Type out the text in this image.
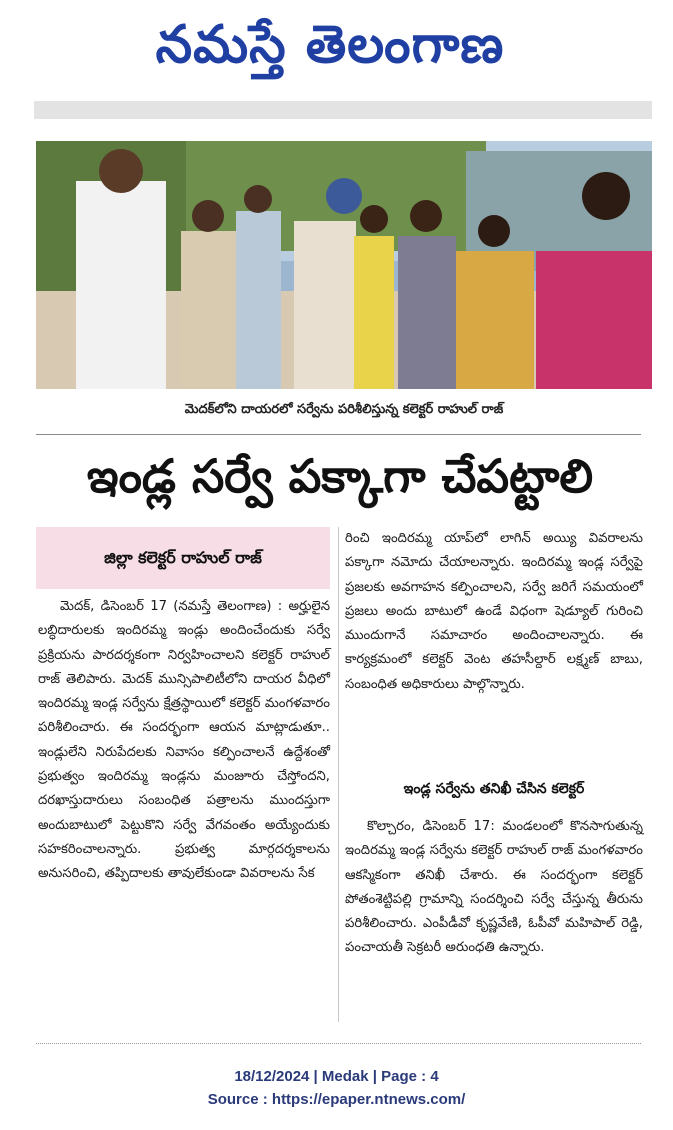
నమస్తే తెలంగాణ
మెదక్‌లోని దాయరలో సర్వేను పరిశీలిస్తున్న కలెక్టర్‌ రాహుల్‌ రాజ్‌
ఇండ్ల సర్వే పక్కాగా చేపట్టాలి
జిల్లా కలెక్టర్‌ రాహుల్‌ రాజ్‌

మెదక్‌, డిసెంబర్‌ 17 (నమస్తే తెలంగాణ) : అర్హులైన లబ్ధిదారులకు ఇందిరమ్మ ఇండ్లు అందించేందుకు సర్వే ప్రక్రియను పారదర్శకంగా నిర్వహించాలని కలెక్టర్‌ రాహుల్‌ రాజ్‌ తెలిపారు. మెదక్‌ మున్సిపాలిటీలోని దాయర వీధిలో ఇందిరమ్మ ఇండ్ల సర్వేను క్షేత్రస్థాయిలో కలెక్టర్‌ మంగళవారం పరిశీలించారు. ఈ సందర్భంగా ఆయన మాట్లాడుతూ.. ఇండ్లులేని నిరుపేదలకు నివాసం కల్పించాలనే ఉద్దేశంతో ప్రభుత్వం ఇందిరమ్మ ఇండ్లను మంజూరు చేస్తోందని, దరఖాస్తుదారులు సంబంధిత పత్రాలను ముందస్తుగా అందుబాటులో పెట్టుకొని సర్వే వేగవంతం అయ్యేందుకు సహకరించాలన్నారు. ప్రభుత్వ మార్గదర్శకాలను అనుసరించి, తప్పిదాలకు తావులేకుండా వివరాలను సేక

రించి ఇందిరమ్మ యాప్‌లో లాగిన్‌ అయ్యి వివరాలను పక్కాగా నమోదు చేయాలన్నారు. ఇందిరమ్మ ఇండ్ల సర్వేపై ప్రజలకు అవగాహన కల్పించాలని, సర్వే జరిగే సమయంలో ప్రజలు అందు బాటులో ఉండే విధంగా షెడ్యూల్‌ గురించి ముందుగానే సమాచారం అందించాలన్నారు. ఈ కార్యక్రమంలో కలెక్టర్‌ వెంట తహసీల్దార్‌ లక్ష్మణ్‌ బాబు, సంబంధిత అధికారులు పాల్గొన్నారు.

ఇండ్ల సర్వేను తనిఖీ చేసిన కలెక్టర్‌

కొల్చారం, డిసెంబర్‌ 17: మండలంలో కొనసాగుతున్న ఇందిరమ్మ ఇండ్ల సర్వేను కలెక్టర్‌ రాహుల్‌ రాజ్‌ మంగళవారం ఆకస్మికంగా తనిఖీ చేశారు. ఈ సందర్భంగా కలెక్టర్‌ పోతంశెట్టిపల్లి గ్రామాన్ని సందర్శించి సర్వే చేస్తున్న తీరును పరిశీలించారు. ఎంపీడీవో కృష్ణవేణి, ఓపీవో మహిపాల్‌ రెడ్డి, పంచాయతీ సెక్రటరీ అరుంధతి ఉన్నారు.

18/12/2024 | Medak | Page : 4
Source : https://epaper.ntnews.com/
